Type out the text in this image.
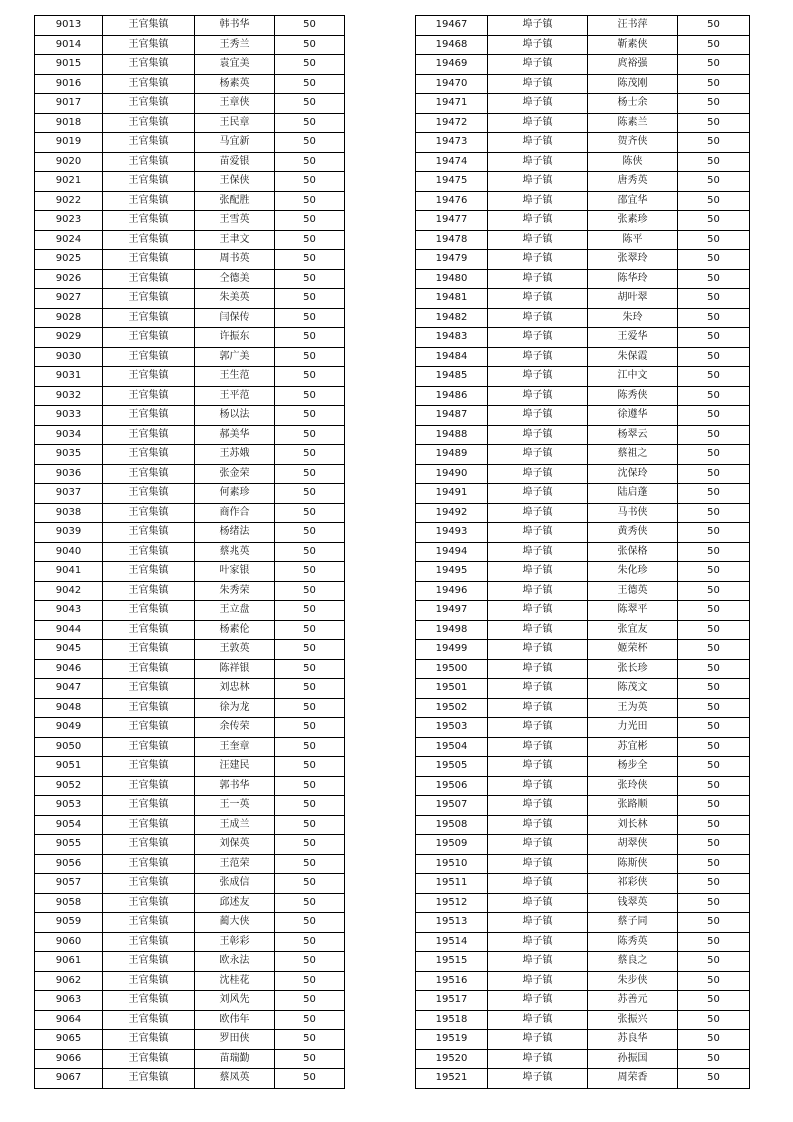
9013	王官集镇	韩书华	50
9014	王官集镇	王秀兰	50
9015	王官集镇	袁宜美	50
9016	王官集镇	杨素英	50
9017	王官集镇	王章侠	50
9018	王官集镇	王民章	50
9019	王官集镇	马宜新	50
9020	王官集镇	苗爱银	50
9021	王官集镇	王保侠	50
9022	王官集镇	张配胜	50
9023	王官集镇	王雪英	50
9024	王官集镇	王聿文	50
9025	王官集镇	周书英	50
9026	王官集镇	仝德美	50
9027	王官集镇	朱美英	50
9028	王官集镇	闫保传	50
9029	王官集镇	许振东	50
9030	王官集镇	郭广美	50
9031	王官集镇	王生范	50
9032	王官集镇	王平范	50
9033	王官集镇	杨以法	50
9034	王官集镇	郝美华	50
9035	王官集镇	王苏娥	50
9036	王官集镇	张金荣	50
9037	王官集镇	何素珍	50
9038	王官集镇	商作合	50
9039	王官集镇	杨绪法	50
9040	王官集镇	蔡兆英	50
9041	王官集镇	叶家银	50
9042	王官集镇	朱秀荣	50
9043	王官集镇	王立盘	50
9044	王官集镇	杨素伦	50
9045	王官集镇	王敦英	50
9046	王官集镇	陈祥银	50
9047	王官集镇	刘忠林	50
9048	王官集镇	徐为龙	50
9049	王官集镇	余传荣	50
9050	王官集镇	王奎章	50
9051	王官集镇	汪建民	50
9052	王官集镇	郭书华	50
9053	王官集镇	王一英	50
9054	王官集镇	王成兰	50
9055	王官集镇	刘保英	50
9056	王官集镇	王范荣	50
9057	王官集镇	张成信	50
9058	王官集镇	邱述友	50
9059	王官集镇	蔺大侠	50
9060	王官集镇	王彰彩	50
9061	王官集镇	欧永法	50
9062	王官集镇	沈桂花	50
9063	王官集镇	刘风先	50
9064	王官集镇	欧伟年	50
9065	王官集镇	罗田侠	50
9066	王官集镇	苗瑞勤	50
9067	王官集镇	蔡凤英	50
19467	埠子镇	汪书萍	50
19468	埠子镇	靳素侠	50
19469	埠子镇	庹裕强	50
19470	埠子镇	陈茂刚	50
19471	埠子镇	杨士余	50
19472	埠子镇	陈素兰	50
19473	埠子镇	贺齐侠	50
19474	埠子镇	陈侠	50
19475	埠子镇	唐秀英	50
19476	埠子镇	邵宜华	50
19477	埠子镇	张素珍	50
19478	埠子镇	陈平	50
19479	埠子镇	张翠玲	50
19480	埠子镇	陈华玲	50
19481	埠子镇	胡叶翠	50
19482	埠子镇	朱玲	50
19483	埠子镇	王爱华	50
19484	埠子镇	朱保霞	50
19485	埠子镇	江中文	50
19486	埠子镇	陈秀侠	50
19487	埠子镇	徐遵华	50
19488	埠子镇	杨翠云	50
19489	埠子镇	蔡祖之	50
19490	埠子镇	沈保玲	50
19491	埠子镇	陆启蓬	50
19492	埠子镇	马书侠	50
19493	埠子镇	黄秀侠	50
19494	埠子镇	张保格	50
19495	埠子镇	朱化珍	50
19496	埠子镇	王德英	50
19497	埠子镇	陈翠平	50
19498	埠子镇	张宜友	50
19499	埠子镇	姬荣杯	50
19500	埠子镇	张长珍	50
19501	埠子镇	陈茂文	50
19502	埠子镇	王为英	50
19503	埠子镇	力光田	50
19504	埠子镇	苏宜彬	50
19505	埠子镇	杨步全	50
19506	埠子镇	张玲侠	50
19507	埠子镇	张路顺	50
19508	埠子镇	刘长林	50
19509	埠子镇	胡翠侠	50
19510	埠子镇	陈斯侠	50
19511	埠子镇	祁彩侠	50
19512	埠子镇	钱翠英	50
19513	埠子镇	蔡子同	50
19514	埠子镇	陈秀英	50
19515	埠子镇	蔡良之	50
19516	埠子镇	朱步侠	50
19517	埠子镇	苏善元	50
19518	埠子镇	张振兴	50
19519	埠子镇	苏良华	50
19520	埠子镇	孙振国	50
19521	埠子镇	周荣香	50
